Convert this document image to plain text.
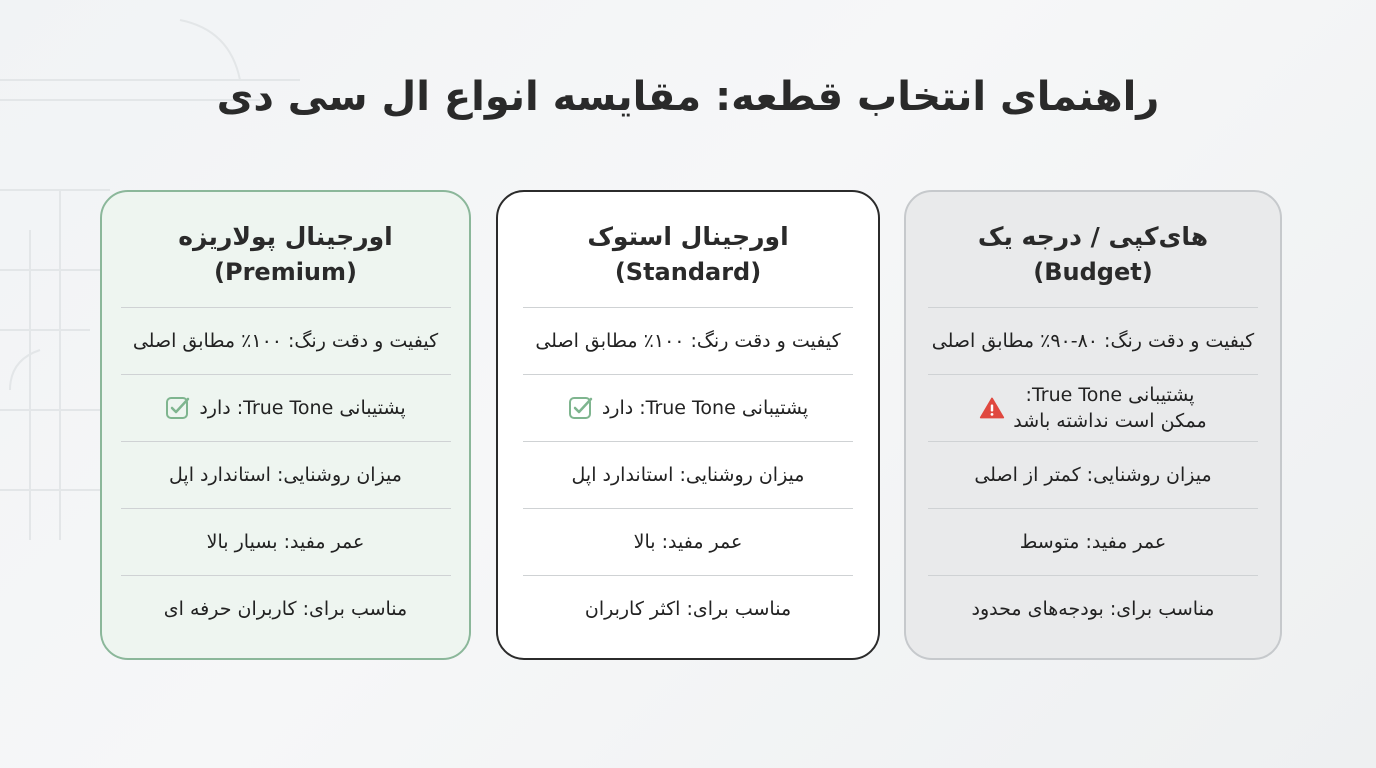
راهنمای انتخاب قطعه: مقایسه انواع ال سی دی
اورجینال پولاریزه
(Premium)
کیفیت و دقت رنگ: ۱۰۰٪ مطابق اصلی
پشتیبانی True Tone: دارد
میزان روشنایی: استاندارد اپل
عمر مفید: بسیار بالا
مناسب برای: کاربران حرفه ای
اورجینال استوک
(Standard)
کیفیت و دقت رنگ: ۱۰۰٪ مطابق اصلی
پشتیبانی True Tone: دارد
میزان روشنایی: استاندارد اپل
عمر مفید: بالا
مناسب برای: اکثر کاربران
های‌کپی / درجه یک
(Budget)
کیفیت و دقت رنگ: ۸۰-۹۰٪ مطابق اصلی
پشتیبانی True Tone:
ممکن است نداشته باشد
میزان روشنایی: کمتر از اصلی
عمر مفید: متوسط
مناسب برای: بودجه‌های محدود
